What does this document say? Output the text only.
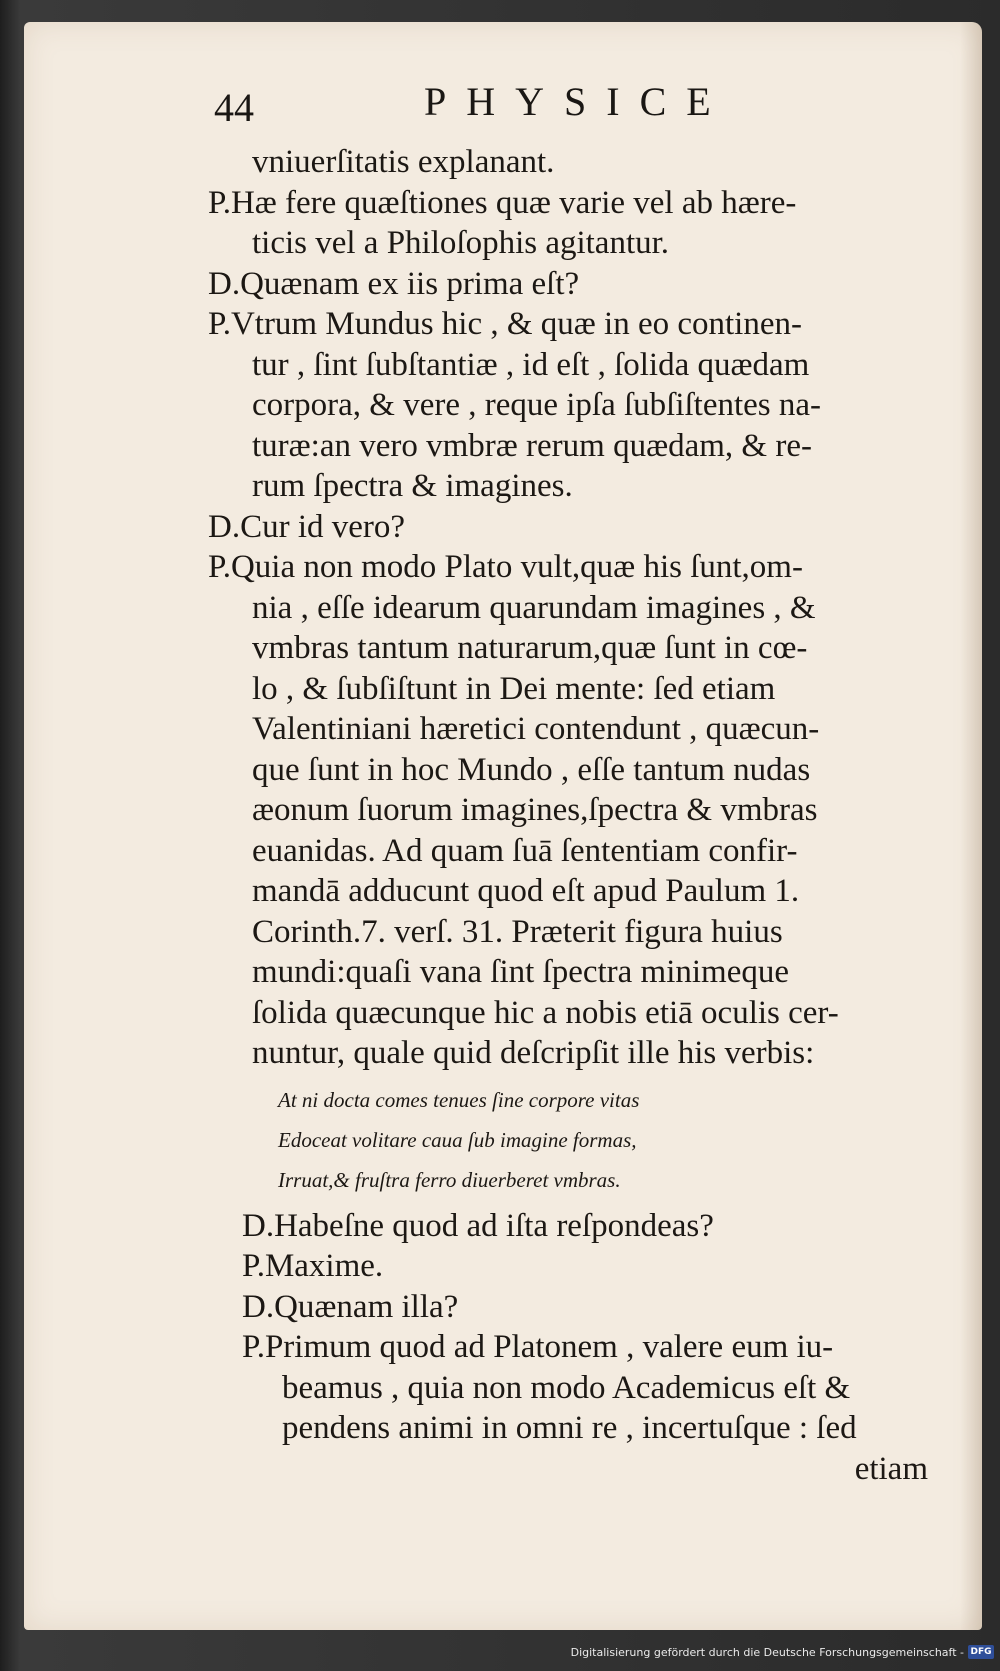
44	PHYSICE
vniuerſitatis explanant.
P.Hæ fere quæſtiones quæ varie vel ab hære-
ticis vel a Philoſophis agitantur.
D.Quænam ex iis prima eſt?
P.Vtrum Mundus hic , & quæ in eo continen-
tur , ſint ſubſtantiæ , id eſt , ſolida quædam
corpora, & vere , reque ipſa ſubſiſtentes na-
turæ:an vero vmbræ rerum quædam, & re-
rum ſpectra & imagines.
D.Cur id vero?
P.Quia non modo Plato vult,quæ his ſunt,om-
nia , eſſe idearum quarundam imagines , &
vmbras tantum naturarum,quæ ſunt in cœ-
lo , & ſubſiſtunt in Dei mente: ſed etiam
Valentiniani hæretici contendunt , quæcun-
que ſunt in hoc Mundo , eſſe tantum nudas
æonum ſuorum imagines,ſpectra & vmbras
euanidas. Ad quam ſuā ſententiam confir-
mandā adducunt quod eſt apud Paulum 1.
Corinth.7. verſ. 31. Præterit figura huius
mundi:quaſi vana ſint ſpectra minimeque
ſolida quæcunque hic a nobis etiā oculis cer-
nuntur, quale quid deſcripſit ille his verbis:
At ni docta comes tenues ſine corpore vitas
Edoceat volitare caua ſub imagine formas,
Irruat,& fruſtra ferro diuerberet vmbras.
D.Habeſne quod ad iſta reſpondeas?
P.Maxime.
D.Quænam illa?
P.Primum quod ad Platonem , valere eum iu-
beamus , quia non modo Academicus eſt &
pendens animi in omni re , incertuſque : ſed
etiam
Digitalisierung gefördert durch die Deutsche Forschungsgemeinschaft - DFG
